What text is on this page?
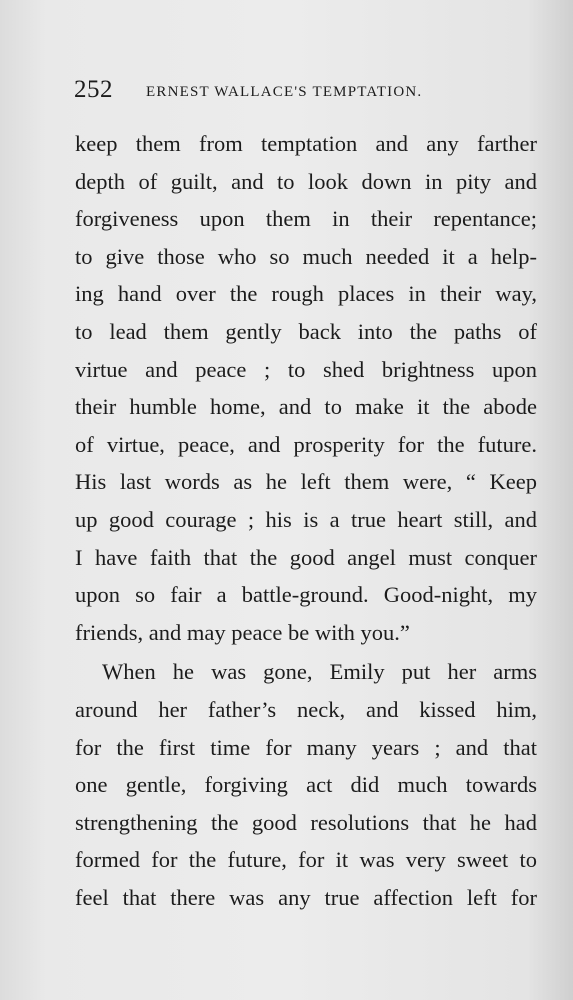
252 ERNEST WALLACE'S TEMPTATION.
keep them from temptation and any farther
depth of guilt, and to look down in pity and
forgiveness upon them in their repentance;
to give those who so much needed it a help-
ing hand over the rough places in their way,
to lead them gently back into the paths of
virtue and peace ; to shed brightness upon
their humble home, and to make it the abode
of virtue, peace, and prosperity for the future.
His last words as he left them were, “ Keep
up good courage ; his is a true heart still, and
I have faith that the good angel must conquer
upon so fair a battle-ground. Good-night, my
friends, and may peace be with you.”
When he was gone, Emily put her arms
around her father’s neck, and kissed him,
for the first time for many years ; and that
one gentle, forgiving act did much towards
strengthening the good resolutions that he had
formed for the future, for it was very sweet to
feel that there was any true affection left for
